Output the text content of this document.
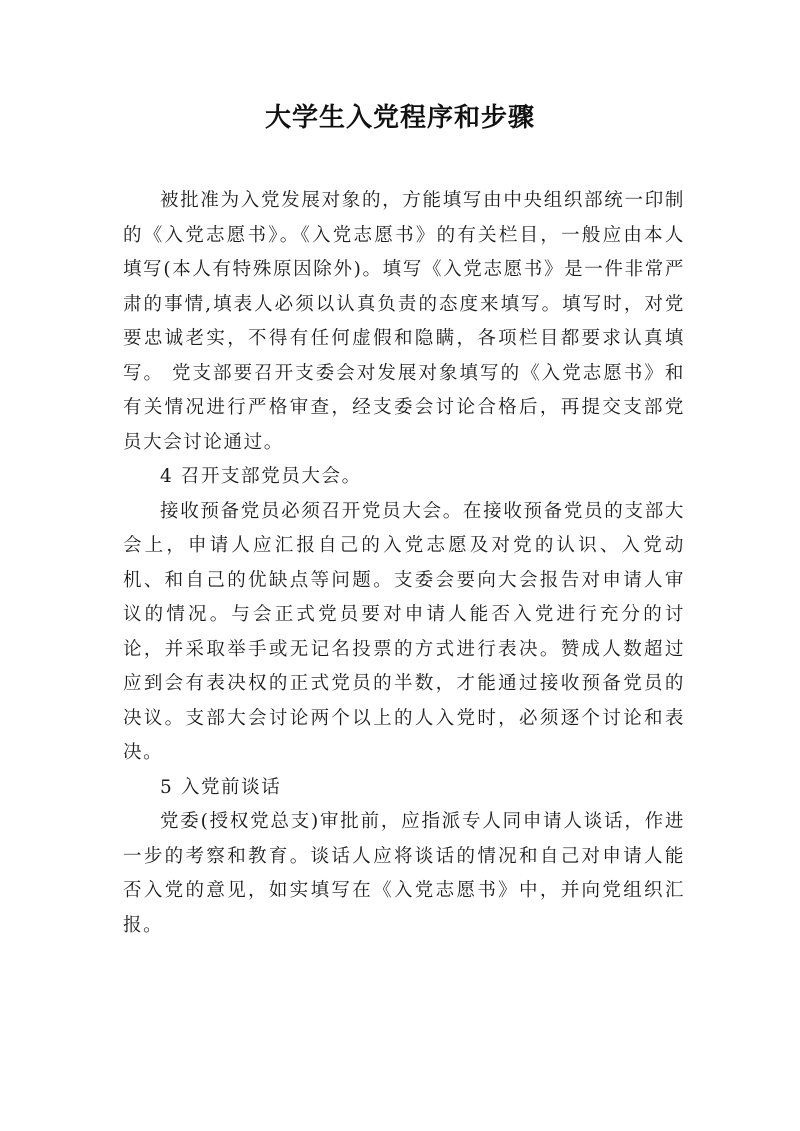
大学生入党程序和步骤

被批准为入党发展对象的，方能填写由中央组织部统一印制的《入党志愿书》。《入党志愿书》的有关栏目，一般应由本人填写(本人有特殊原因除外)。填写《入党志愿书》是一件非常严肃的事情,填表人必须以认真负责的态度来填写。填写时，对党要忠诚老实，不得有任何虚假和隐瞒，各项栏目都要求认真填写。 党支部要召开支委会对发展对象填写的《入党志愿书》和有关情况进行严格审查，经支委会讨论合格后，再提交支部党员大会讨论通过。

4 召开支部党员大会。

接收预备党员必须召开党员大会。在接收预备党员的支部大会上，申请人应汇报自己的入党志愿及对党的认识、入党动机、和自己的优缺点等问题。支委会要向大会报告对申请人审议的情况。与会正式党员要对申请人能否入党进行充分的讨论，并采取举手或无记名投票的方式进行表决。赞成人数超过应到会有表决权的正式党员的半数，才能通过接收预备党员的决议。支部大会讨论两个以上的人入党时，必须逐个讨论和表决。

5 入党前谈话

党委(授权党总支)审批前，应指派专人同申请人谈话，作进一步的考察和教育。谈话人应将谈话的情况和自己对申请人能否入党的意见，如实填写在《入党志愿书》中，并向党组织汇报。
